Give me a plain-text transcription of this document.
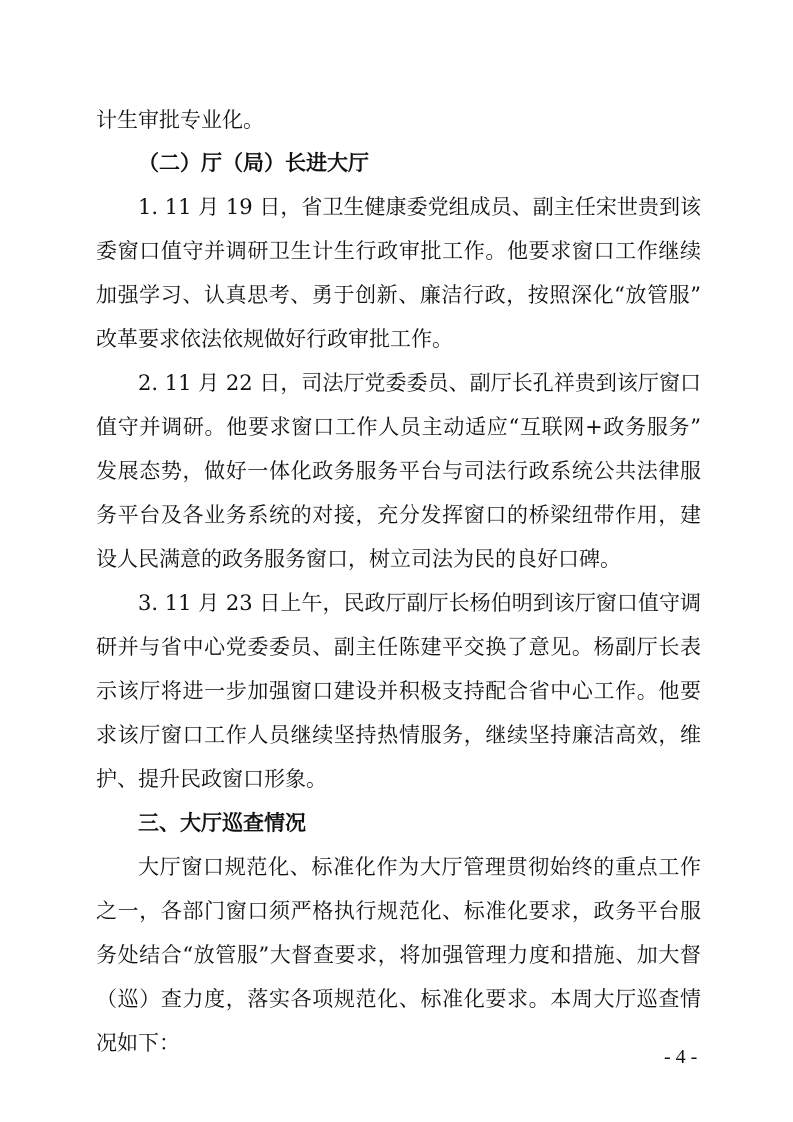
计生审批专业化。
（二）厅（局）长进大厅
1. 11 月 19 日，省卫生健康委党组成员、副主任宋世贵到该
委窗口值守并调研卫生计生行政审批工作。他要求窗口工作继续
加强学习、认真思考、勇于创新、廉洁行政，按照深化“放管服”
改革要求依法依规做好行政审批工作。
2. 11 月 22 日，司法厅党委委员、副厅长孔祥贵到该厅窗口
值守并调研。他要求窗口工作人员主动适应“互联网+政务服务”
发展态势，做好一体化政务服务平台与司法行政系统公共法律服
务平台及各业务系统的对接，充分发挥窗口的桥梁纽带作用，建
设人民满意的政务服务窗口，树立司法为民的良好口碑。
3. 11 月 23 日上午，民政厅副厅长杨伯明到该厅窗口值守调
研并与省中心党委委员、副主任陈建平交换了意见。杨副厅长表
示该厅将进一步加强窗口建设并积极支持配合省中心工作。他要
求该厅窗口工作人员继续坚持热情服务，继续坚持廉洁高效，维
护、提升民政窗口形象。
三、大厅巡查情况
大厅窗口规范化、标准化作为大厅管理贯彻始终的重点工作
之一，各部门窗口须严格执行规范化、标准化要求，政务平台服
务处结合“放管服”大督查要求，将加强管理力度和措施、加大督
（巡）查力度，落实各项规范化、标准化要求。本周大厅巡查情
况如下：
- 4 -
